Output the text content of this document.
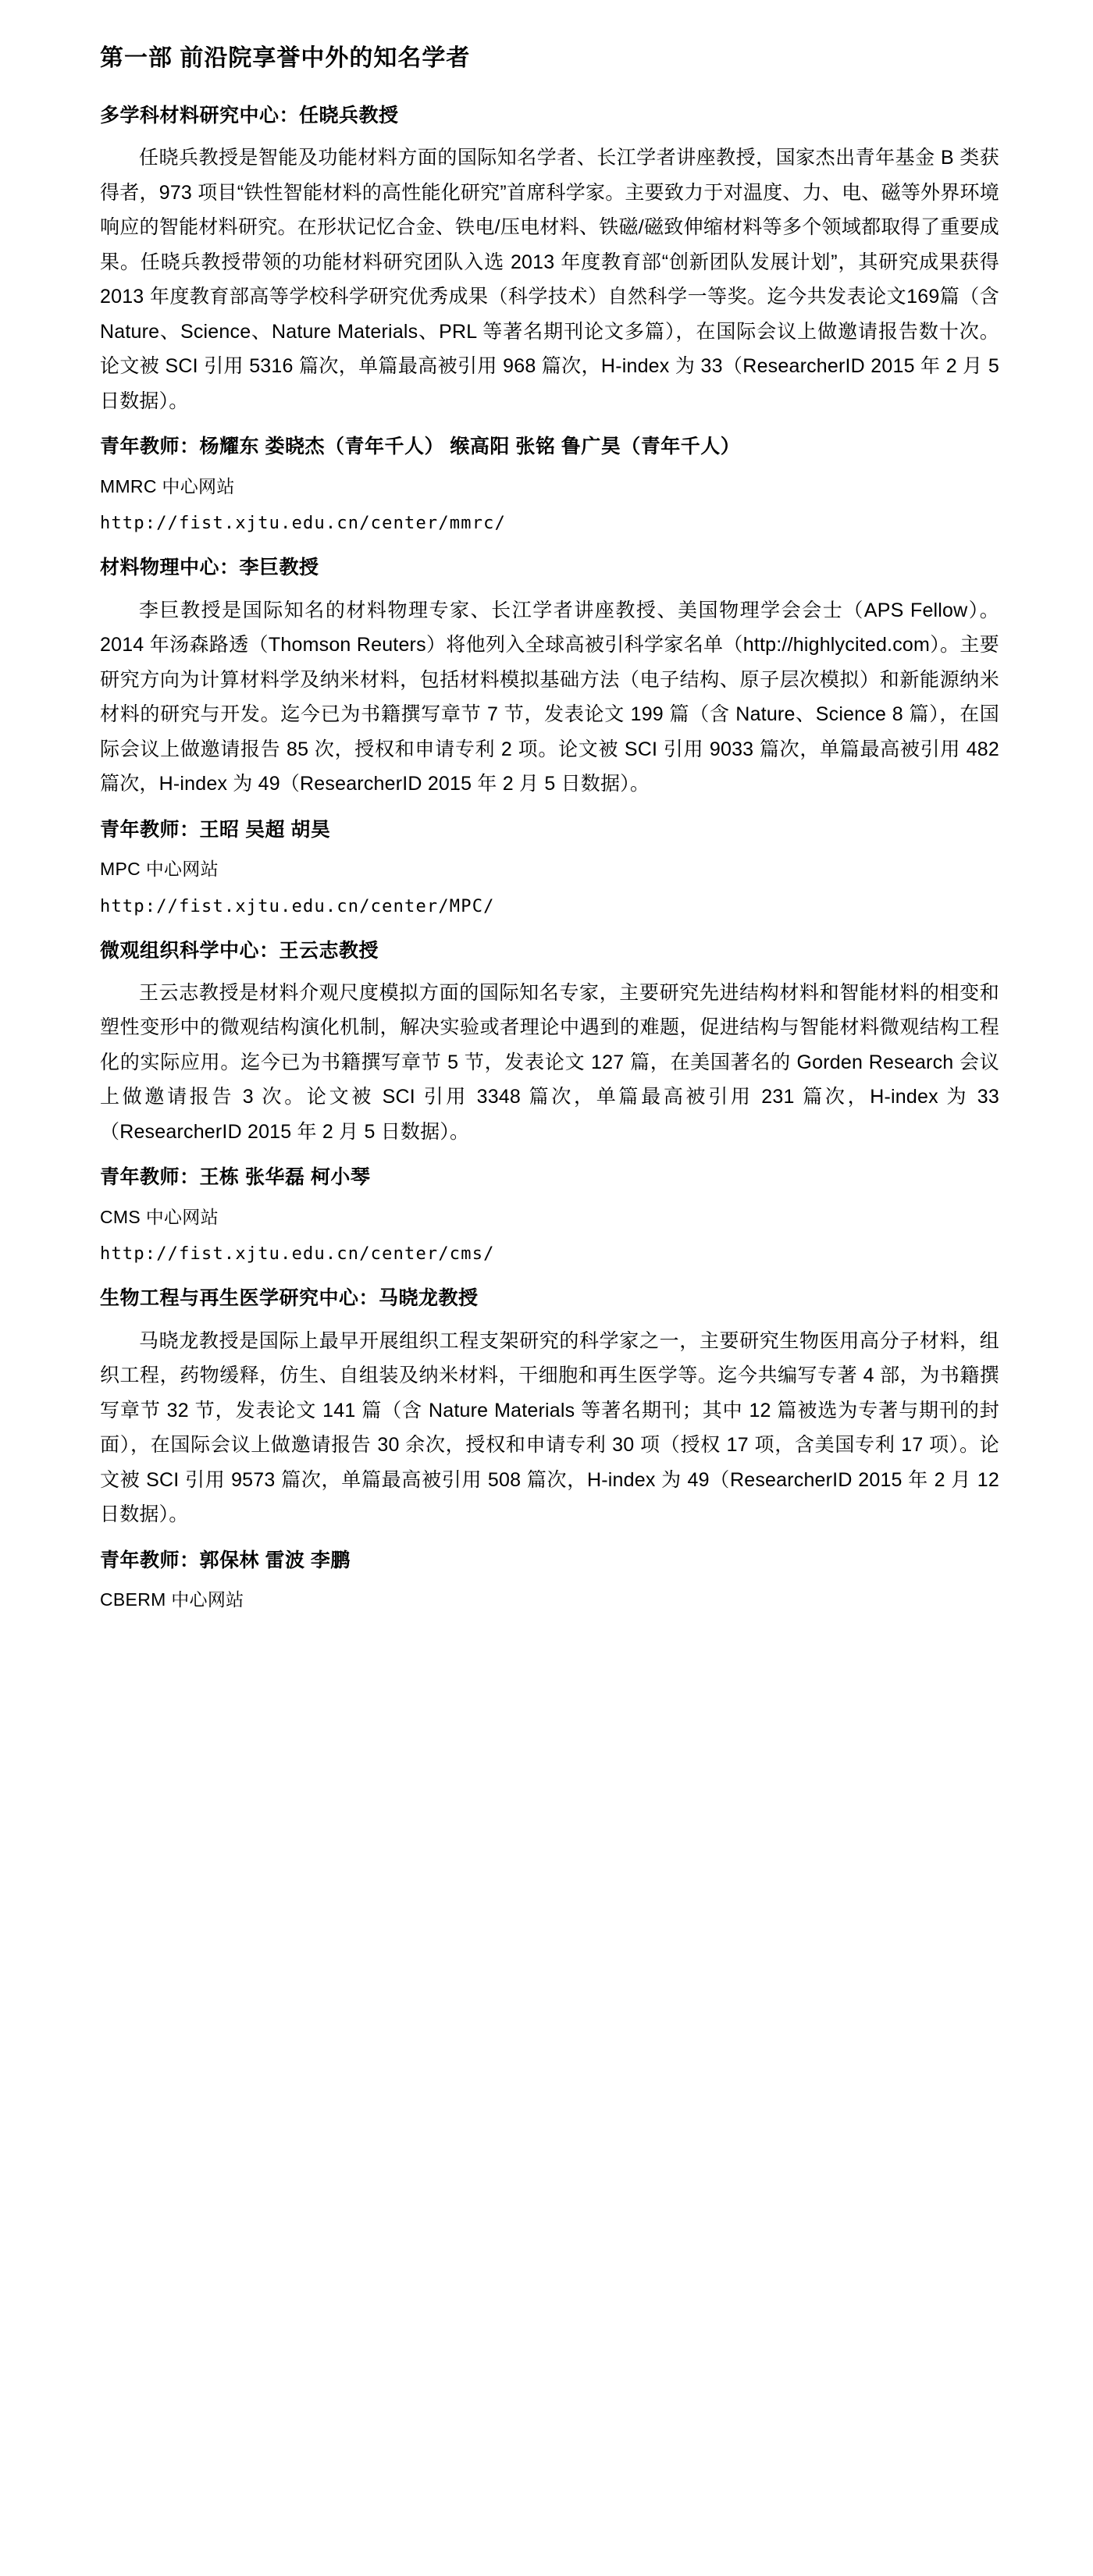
第一部 前沿院享誉中外的知名学者
多学科材料研究中心：任晓兵教授

任晓兵教授是智能及功能材料方面的国际知名学者、长江学者讲座教授，国家杰出青年基金 B 类获得者，973 项目“铁性智能材料的高性能化研究”首席科学家。主要致力于对温度、力、电、磁等外界环境响应的智能材料研究。在形状记忆合金、铁电/压电材料、铁磁/磁致伸缩材料等多个领域都取得了重要成果。任晓兵教授带领的功能材料研究团队入选 2013 年度教育部“创新团队发展计划”，其研究成果获得 2013 年度教育部高等学校科学研究优秀成果（科学技术）自然科学一等奖。迄今共发表论文169篇（含Nature、Science、Nature Materials、PRL 等著名期刊论文多篇），在国际会议上做邀请报告数十次。论文被 SCI 引用 5316 篇次，单篇最高被引用 968 篇次，H-index 为 33（ResearcherID 2015 年 2 月 5 日数据）。

青年教师：杨耀东 娄晓杰（青年千人） 缑高阳 张铭 鲁广昊（青年千人）
MMRC 中心网站
http://fist.xjtu.edu.cn/center/mmrc/
材料物理中心：李巨教授

李巨教授是国际知名的材料物理专家、长江学者讲座教授、美国物理学会会士（APS Fellow）。2014 年汤森路透（Thomson Reuters）将他列入全球高被引科学家名单（http://highlycited.com）。主要研究方向为计算材料学及纳米材料，包括材料模拟基础方法（电子结构、原子层次模拟）和新能源纳米材料的研究与开发。迄今已为书籍撰写章节 7 节，发表论文 199 篇（含 Nature、Science 8 篇），在国际会议上做邀请报告 85 次，授权和申请专利 2 项。论文被 SCI 引用 9033 篇次，单篇最高被引用 482 篇次，H-index 为 49（ResearcherID 2015 年 2 月 5 日数据）。

青年教师：王昭 吴超 胡昊
MPC 中心网站
http://fist.xjtu.edu.cn/center/MPC/
微观组织科学中心：王云志教授

王云志教授是材料介观尺度模拟方面的国际知名专家，主要研究先进结构材料和智能材料的相变和塑性变形中的微观结构演化机制，解决实验或者理论中遇到的难题，促进结构与智能材料微观结构工程化的实际应用。迄今已为书籍撰写章节 5 节，发表论文 127 篇，在美国著名的 Gorden Research 会议上做邀请报告 3 次。论文被 SCI 引用 3348 篇次，单篇最高被引用 231 篇次，H-index 为 33（ResearcherID 2015 年 2 月 5 日数据）。

青年教师：王栋 张华磊 柯小琴
CMS 中心网站
http://fist.xjtu.edu.cn/center/cms/
生物工程与再生医学研究中心：马晓龙教授

马晓龙教授是国际上最早开展组织工程支架研究的科学家之一，主要研究生物医用高分子材料，组织工程，药物缓释，仿生、自组装及纳米材料，干细胞和再生医学等。迄今共编写专著 4 部，为书籍撰写章节 32 节，发表论文 141 篇（含 Nature Materials 等著名期刊；其中 12 篇被选为专著与期刊的封面），在国际会议上做邀请报告 30 余次，授权和申请专利 30 项（授权 17 项，含美国专利 17 项）。论文被 SCI 引用 9573 篇次，单篇最高被引用 508 篇次，H-index 为 49（ResearcherID 2015 年 2 月 12 日数据）。

青年教师：郭保林 雷波 李鹏
CBERM 中心网站
